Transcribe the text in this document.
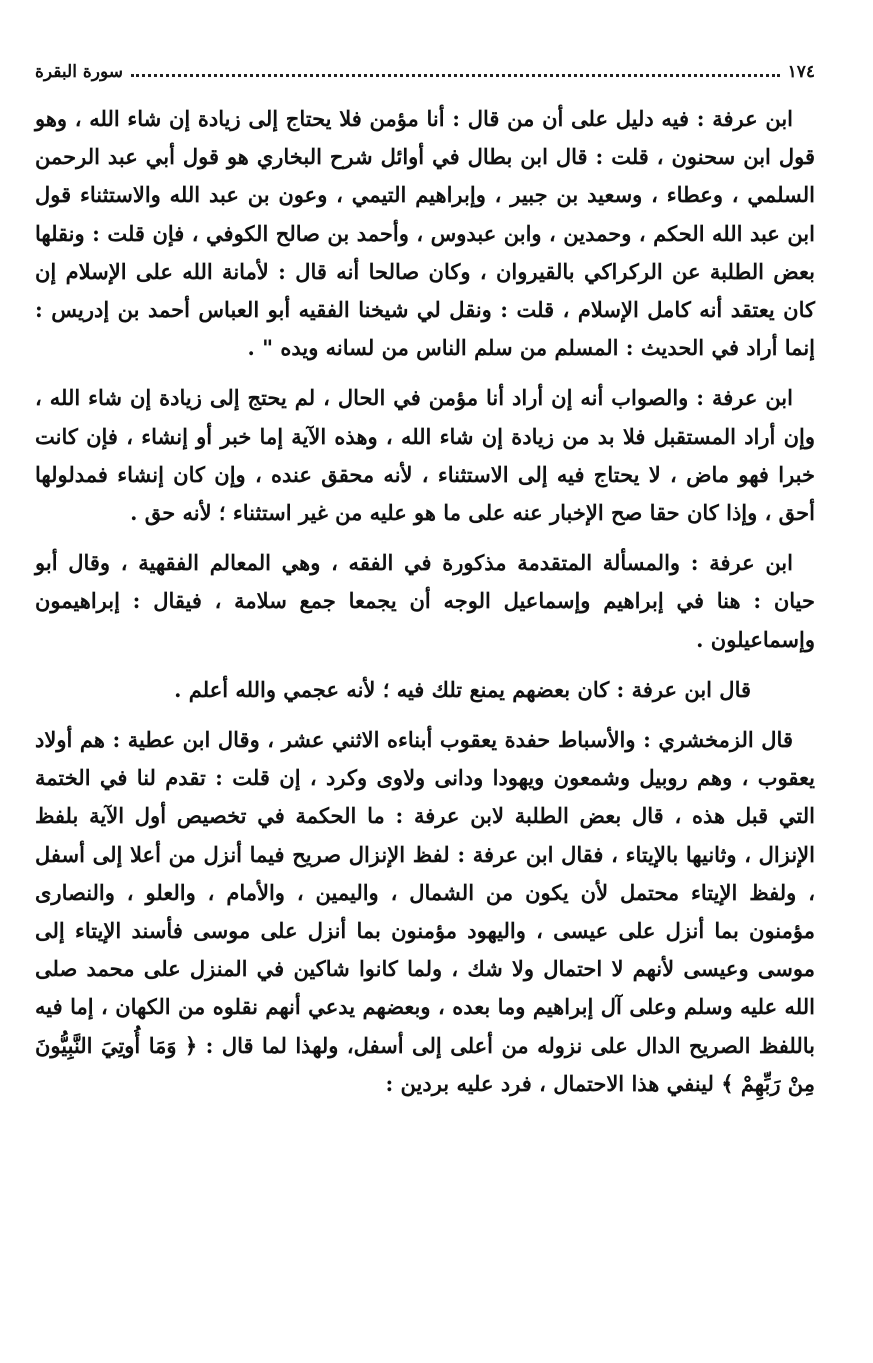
١٧٤
سورة البقرة

ابن عرفة : فيه دليل على أن من قال : أنا مؤمن فلا يحتاج إلى زيادة إن شاء الله ، وهو قول ابن سحنون ، قلت : قال ابن بطال في أوائل شرح البخاري هو قول أبي عبد الرحمن السلمي ، وعطاء ، وسعيد بن جبير ، وإبراهيم التيمي ، وعون بن عبد الله والاستثناء قول ابن عبد الله الحكم ، وحمدين ، وابن عبدوس ، وأحمد بن صالح الكوفي ، فإن قلت : ونقلها بعض الطلبة عن الركراكي بالقيروان ، وكان صالحا أنه قال : لأمانة الله على الإسلام إن كان يعتقد أنه كامل الإسلام ، قلت : ونقل لي شيخنا الفقيه أبو العباس أحمد بن إدريس : إنما أراد في الحديث : المسلم من سلم الناس من لسانه ويده " .

ابن عرفة : والصواب أنه إن أراد أنا مؤمن في الحال ، لم يحتج إلى زيادة إن شاء الله ، وإن أراد المستقبل فلا بد من زيادة إن شاء الله ، وهذه الآية إما خبر أو إنشاء ، فإن كانت خبرا فهو ماض ، لا يحتاج فيه إلى الاستثناء ، لأنه محقق عنده ، وإن كان إنشاء فمدلولها أحق ، وإذا كان حقا صح الإخبار عنه على ما هو عليه من غير استثناء ؛ لأنه حق .

ابن عرفة : والمسألة المتقدمة مذكورة في الفقه ، وهي المعالم الفقهية ، وقال أبو حيان : هنا في إبراهيم وإسماعيل الوجه أن يجمعا جمع سلامة ، فيقال : إبراهيمون وإسماعيلون .

قال ابن عرفة : كان بعضهم يمنع تلك فيه ؛ لأنه عجمي والله أعلم .

قال الزمخشري : والأسباط حفدة يعقوب أبناءه الاثني عشر ، وقال ابن عطية : هم أولاد يعقوب ، وهم روبيل وشمعون ويهودا ودانى ولاوى وكرد ، إن قلت : تقدم لنا في الختمة التي قبل هذه ، قال بعض الطلبة لابن عرفة : ما الحكمة في تخصيص أول الآية بلفظ الإنزال ، وثانيها بالإيتاء ، فقال ابن عرفة : لفظ الإنزال صريح فيما أنزل من أعلا إلى أسفل ، ولفظ الإيتاء محتمل لأن يكون من الشمال ، واليمين ، والأمام ، والعلو ، والنصارى مؤمنون بما أنزل على عيسى ، واليهود مؤمنون بما أنزل على موسى فأسند الإيتاء إلى موسى وعيسى لأنهم لا احتمال ولا شك ، ولما كانوا شاكين في المنزل على محمد صلى الله عليه وسلم وعلى آل إبراهيم وما بعده ، وبعضهم يدعي أنهم نقلوه من الكهان ، إما فيه باللفظ الصريح الدال على نزوله من أعلى إلى أسفل، ولهذا لما قال : ﴿ وَمَا أُوتِيَ النَّبِيُّونَ مِنْ رَبِّهِمْ ﴾ لينفي هذا الاحتمال ، فرد عليه بردين :
